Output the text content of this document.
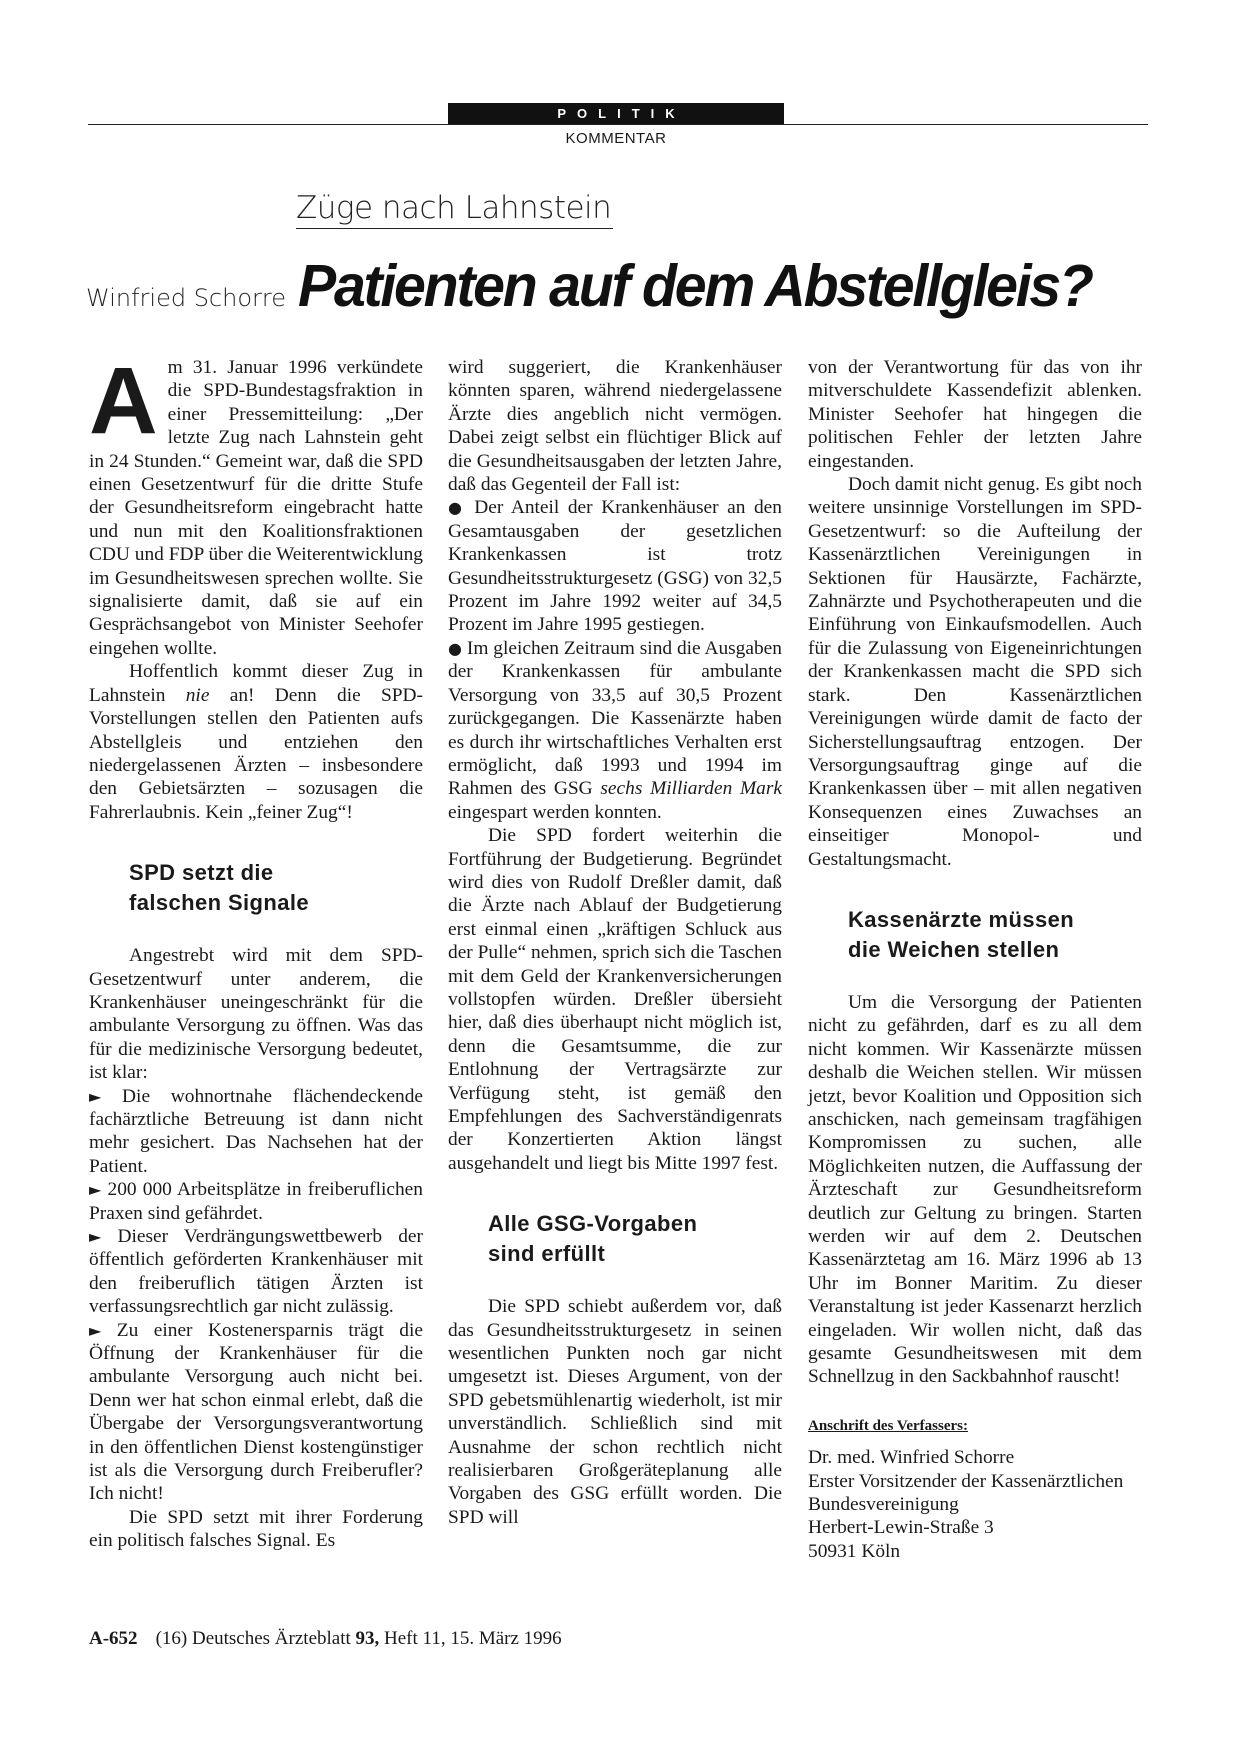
POLITIK
KOMMENTAR
Züge nach Lahnstein
Winfried Schorre Patienten auf dem Abstellgleis?

Am 31. Januar 1996 verkündete die SPD-Bundestagsfraktion in einer Pressemitteilung: „Der letzte Zug nach Lahnstein geht in 24 Stunden.“ Gemeint war, daß die SPD einen Gesetzentwurf für die dritte Stufe der Gesundheitsreform eingebracht hatte und nun mit den Koalitionsfraktionen CDU und FDP über die Weiterentwicklung im Gesundheitswesen sprechen wollte. Sie signalisierte damit, daß sie auf ein Gesprächsangebot von Minister Seehofer eingehen wollte.

Hoffentlich kommt dieser Zug in Lahnstein nie an! Denn die SPD-Vorstellungen stellen den Patienten aufs Abstellgleis und entziehen den niedergelassenen Ärzten – insbesondere den Gebietsärzten – sozusagen die Fahrerlaubnis. Kein „feiner Zug“!

SPD setzt die
falschen Signale

Angestrebt wird mit dem SPD-Gesetzentwurf unter anderem, die Krankenhäuser uneingeschränkt für die ambulante Versorgung zu öffnen. Was das für die medizinische Versorgung bedeutet, ist klar:

► Die wohnortnahe flächendeckende fachärztliche Betreuung ist dann nicht mehr gesichert. Das Nachsehen hat der Patient.

► 200 000 Arbeitsplätze in freiberuflichen Praxen sind gefährdet.

► Dieser Verdrängungswettbewerb der öffentlich geförderten Krankenhäuser mit den freiberuflich tätigen Ärzten ist verfassungsrechtlich gar nicht zulässig.

► Zu einer Kostenersparnis trägt die Öffnung der Krankenhäuser für die ambulante Versorgung auch nicht bei. Denn wer hat schon einmal erlebt, daß die Übergabe der Versorgungsverantwortung in den öffentlichen Dienst kostengünstiger ist als die Versorgung durch Freiberufler? Ich nicht!

Die SPD setzt mit ihrer Forderung ein politisch falsches Signal. Es

wird suggeriert, die Krankenhäuser könnten sparen, während niedergelassene Ärzte dies angeblich nicht vermögen. Dabei zeigt selbst ein flüchtiger Blick auf die Gesundheitsausgaben der letzten Jahre, daß das Gegenteil der Fall ist:

● Der Anteil der Krankenhäuser an den Gesamtausgaben der gesetzlichen Krankenkassen ist trotz Gesundheitsstrukturgesetz (GSG) von 32,5 Prozent im Jahre 1992 weiter auf 34,5 Prozent im Jahre 1995 gestiegen.

● Im gleichen Zeitraum sind die Ausgaben der Krankenkassen für ambulante Versorgung von 33,5 auf 30,5 Prozent zurückgegangen. Die Kassenärzte haben es durch ihr wirtschaftliches Verhalten erst ermöglicht, daß 1993 und 1994 im Rahmen des GSG sechs Milliarden Mark eingespart werden konnten.

Die SPD fordert weiterhin die Fortführung der Budgetierung. Begründet wird dies von Rudolf Dreßler damit, daß die Ärzte nach Ablauf der Budgetierung erst einmal einen „kräftigen Schluck aus der Pulle“ nehmen, sprich sich die Taschen mit dem Geld der Krankenversicherungen vollstopfen würden. Dreßler übersieht hier, daß dies überhaupt nicht möglich ist, denn die Gesamtsumme, die zur Entlohnung der Vertragsärzte zur Verfügung steht, ist gemäß den Empfehlungen des Sachverständigenrats der Konzertierten Aktion längst ausgehandelt und liegt bis Mitte 1997 fest.

Alle GSG-Vorgaben
sind erfüllt

Die SPD schiebt außerdem vor, daß das Gesundheitsstrukturgesetz in seinen wesentlichen Punkten noch gar nicht umgesetzt ist. Dieses Argument, von der SPD gebetsmühlenartig wiederholt, ist mir unverständlich. Schließlich sind mit Ausnahme der schon rechtlich nicht realisierbaren Großgeräteplanung alle Vorgaben des GSG erfüllt worden. Die SPD will

von der Verantwortung für das von ihr mitverschuldete Kassendefizit ablenken. Minister Seehofer hat hingegen die politischen Fehler der letzten Jahre eingestanden.

Doch damit nicht genug. Es gibt noch weitere unsinnige Vorstellungen im SPD-Gesetzentwurf: so die Aufteilung der Kassenärztlichen Vereinigungen in Sektionen für Hausärzte, Fachärzte, Zahnärzte und Psychotherapeuten und die Einführung von Einkaufsmodellen. Auch für die Zulassung von Eigeneinrichtungen der Krankenkassen macht die SPD sich stark. Den Kassenärztlichen Vereinigungen würde damit de facto der Sicherstellungsauftrag entzogen. Der Versorgungsauftrag ginge auf die Krankenkassen über – mit allen negativen Konsequenzen eines Zuwachses an einseitiger Monopol- und Gestaltungsmacht.

Kassenärzte müssen
die Weichen stellen

Um die Versorgung der Patienten nicht zu gefährden, darf es zu all dem nicht kommen. Wir Kassenärzte müssen deshalb die Weichen stellen. Wir müssen jetzt, bevor Koalition und Opposition sich anschicken, nach gemeinsam tragfähigen Kompromissen zu suchen, alle Möglichkeiten nutzen, die Auffassung der Ärzteschaft zur Gesundheitsreform deutlich zur Geltung zu bringen. Starten werden wir auf dem 2. Deutschen Kassenärztetag am 16. März 1996 ab 13 Uhr im Bonner Maritim. Zu dieser Veranstaltung ist jeder Kassenarzt herzlich eingeladen. Wir wollen nicht, daß das gesamte Gesundheitswesen mit dem Schnellzug in den Sackbahnhof rauscht!

Anschrift des Verfassers:

Dr. med. Winfried Schorre
Erster Vorsitzender der Kassenärztlichen Bundesvereinigung
Herbert-Lewin-Straße 3
50931 Köln

A-652 (16) Deutsches Ärzteblatt 93, Heft 11, 15. März 1996
